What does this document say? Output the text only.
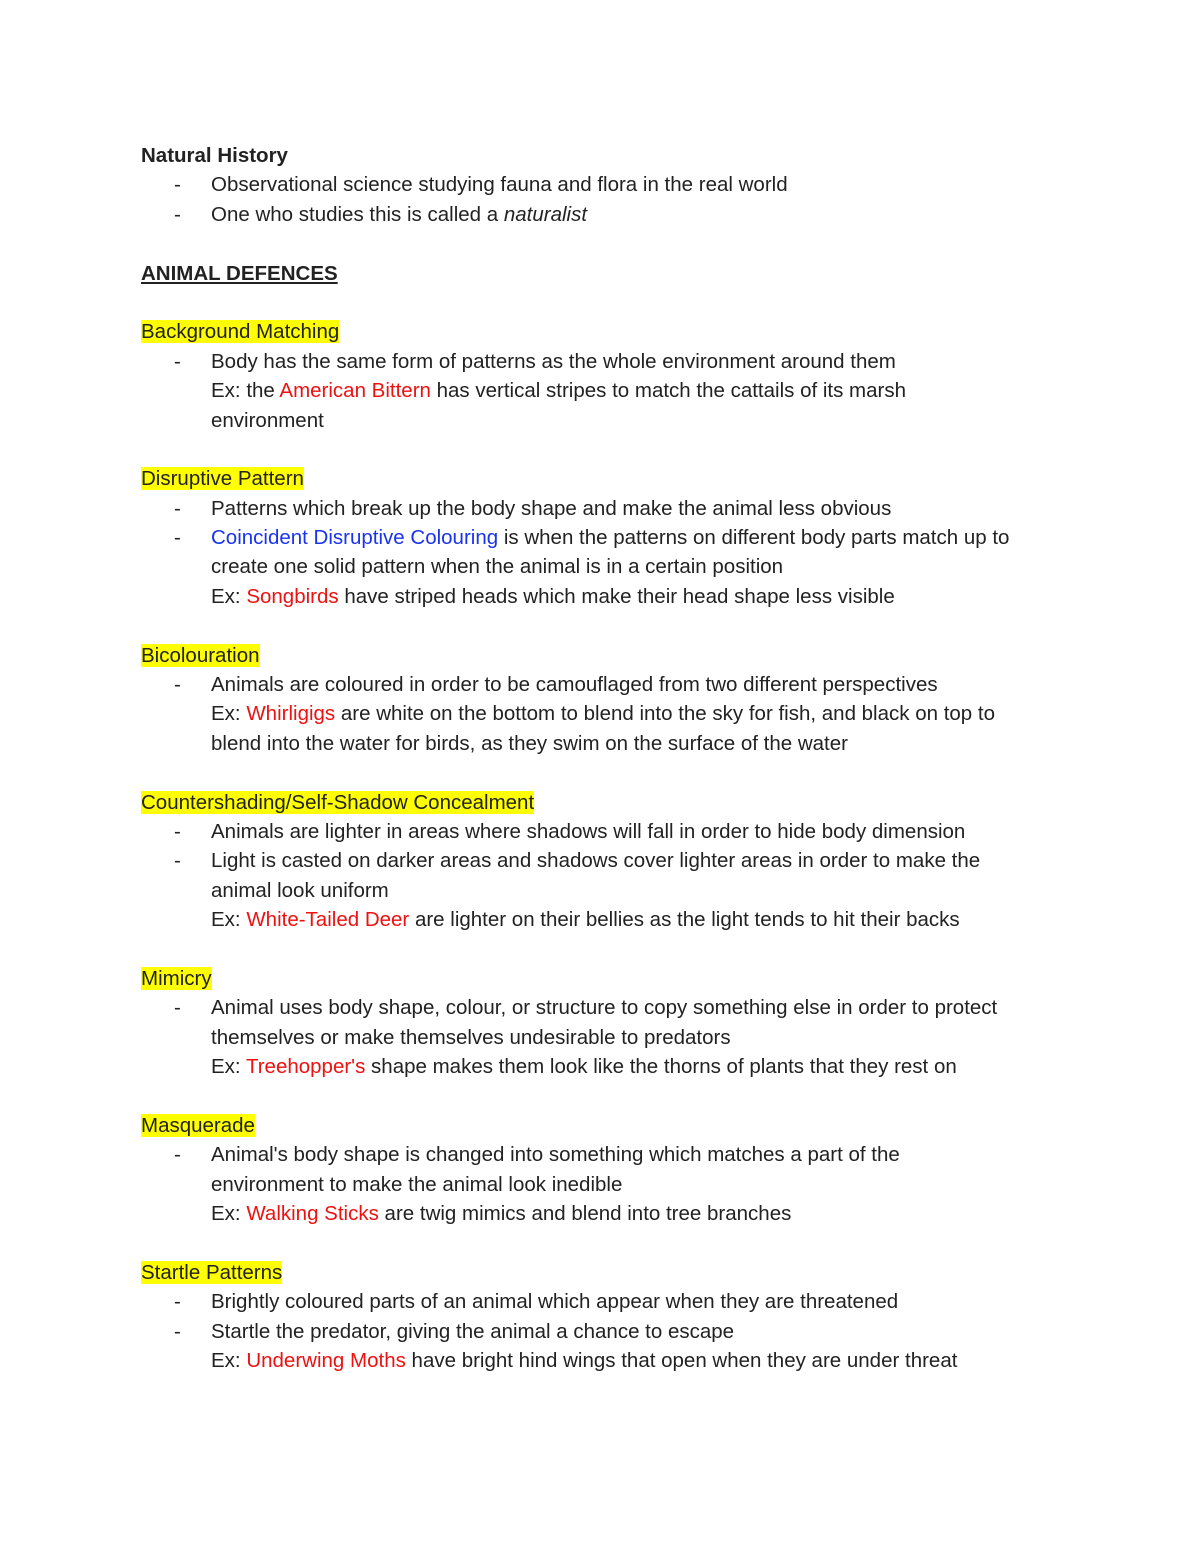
Natural History
- Observational science studying fauna and flora in the real world
- One who studies this is called a naturalist
ANIMAL DEFENCES
Background Matching
- Body has the same form of patterns as the whole environment around them
Ex: the American Bittern has vertical stripes to match the cattails of its marsh
environment
Disruptive Pattern
- Patterns which break up the body shape and make the animal less obvious
- Coincident Disruptive Colouring is when the patterns on different body parts match up to
create one solid pattern when the animal is in a certain position
Ex: Songbirds have striped heads which make their head shape less visible
Bicolouration
- Animals are coloured in order to be camouflaged from two different perspectives
Ex: Whirligigs are white on the bottom to blend into the sky for fish, and black on top to
blend into the water for birds, as they swim on the surface of the water
Countershading/Self-Shadow Concealment
- Animals are lighter in areas where shadows will fall in order to hide body dimension
- Light is casted on darker areas and shadows cover lighter areas in order to make the
animal look uniform
Ex: White-Tailed Deer are lighter on their bellies as the light tends to hit their backs
Mimicry
- Animal uses body shape, colour, or structure to copy something else in order to protect
themselves or make themselves undesirable to predators
Ex: Treehopper's shape makes them look like the thorns of plants that they rest on
Masquerade
- Animal's body shape is changed into something which matches a part of the
environment to make the animal look inedible
Ex: Walking Sticks are twig mimics and blend into tree branches
Startle Patterns
- Brightly coloured parts of an animal which appear when they are threatened
- Startle the predator, giving the animal a chance to escape
Ex: Underwing Moths have bright hind wings that open when they are under threat
